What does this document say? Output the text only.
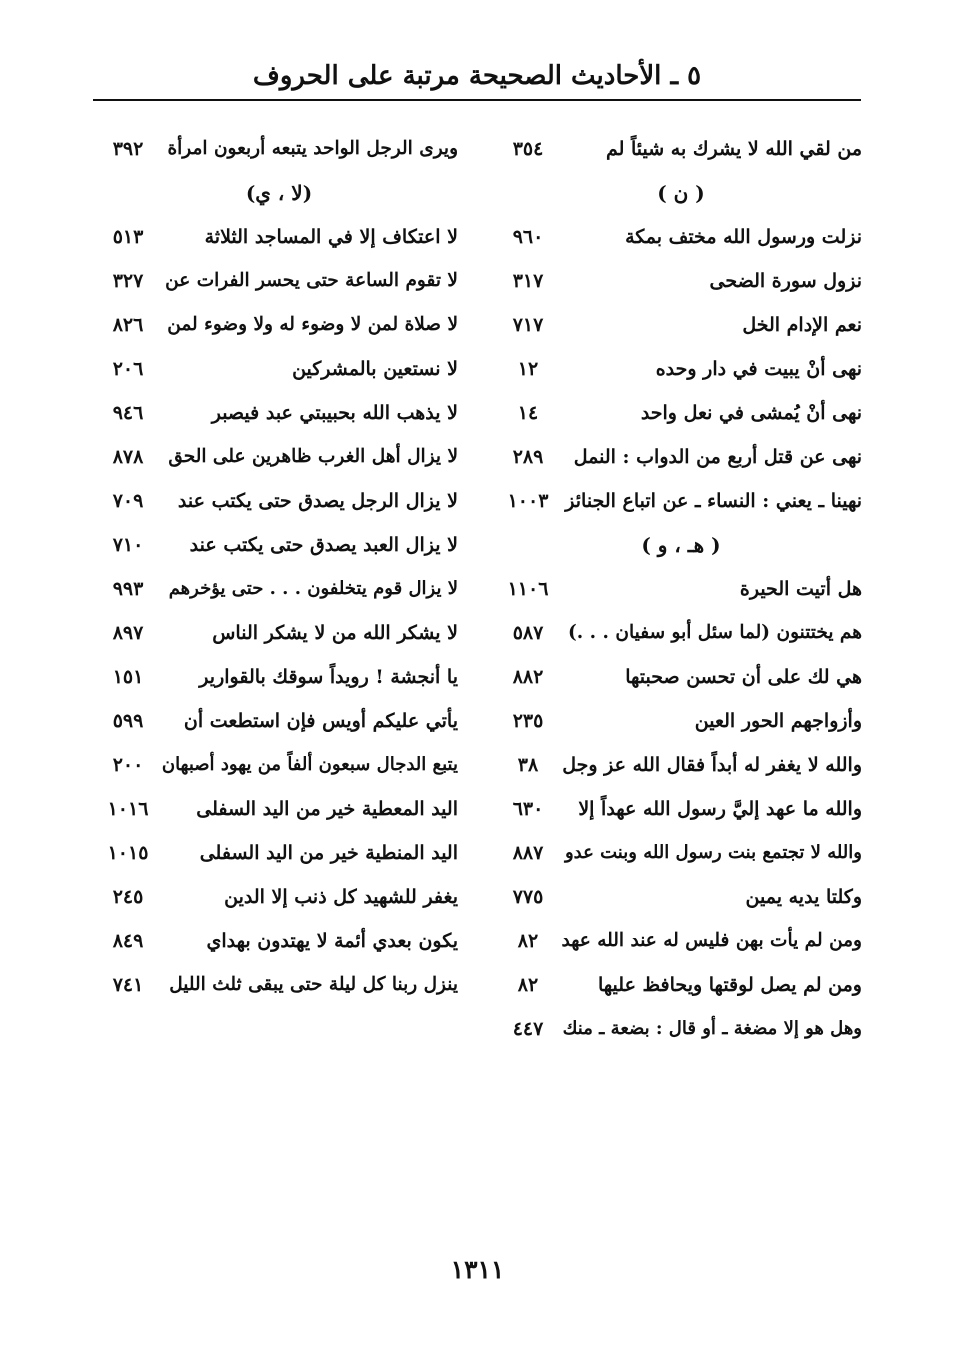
٥ ـ الأحاديث الصحيحة مرتبة على الحروف
من لقي الله لا يشرك به شيئاً لم
٣٥٤
( ن )
نزلت ورسول الله مختف بمكة
٩٦٠
نزول سورة الضحى
٣١٧
نعم الإدام الخل
٧١٧
نهى أنْ يبيت في دار وحده
١٢
نهى أنْ يُمشى في نعل واحد
١٤
نهى عن قتل أربع من الدواب : النمل
٢٨٩
نهينا ـ يعني : النساء ـ عن اتباع الجنائز
١٠٠٣
( هـ ، و )
هل أتيت الحيرة
١١٠٦
هم يختتنون (لما سئل أبو سفيان . . .)
٥٨٧
هي لك على أن تحسن صحبتها
٨٨٢
وأزواجهم الحور العين
٢٣٥
والله لا يغفر له أبداً فقال الله عز وجل
٣٨
والله ما عهد إليَّ رسول الله عهداً إلا
٦٣٠
والله لا تجتمع بنت رسول الله وبنت عدو
٨٨٧
وكلتا يديه يمين
٧٧٥
ومن لم يأت بهن فليس له عند الله عهد
٨٢
ومن لم يصل لوقتها ويحافظ عليها
٨٢
وهل هو إلا مضغة ـ أو قال : بضعة ـ منك
٤٤٧
ويرى الرجل الواحد يتبعه أربعون امرأة
٣٩٢
(لا ، ي)
لا اعتكاف إلا في المساجد الثلاثة
٥١٣
لا تقوم الساعة حتى يحسر الفرات عن
٣٢٧
لا صلاة لمن لا وضوء له ولا وضوء لمن
٨٢٦
لا نستعين بالمشركين
٢٠٦
لا يذهب الله بحبيبتي عبد فيصبر
٩٤٦
لا يزال أهل الغرب ظاهرين على الحق
٨٧٨
لا يزال الرجل يصدق حتى يكتب عند
٧٠٩
لا يزال العبد يصدق حتى يكتب عند
٧١٠
لا يزال قوم يتخلفون . . . حتى يؤخرهم
٩٩٣
لا يشكر الله من لا يشكر الناس
٨٩٧
يا أنجشة ! رويداً سوقك بالقوارير
١٥١
يأتي عليكم أويس فإن استطعت أن
٥٩٩
يتبع الدجال سبعون ألفاً من يهود أصبهان
٢٠٠
اليد المعطية خير من اليد السفلى
١٠١٦
اليد المنطية خير من اليد السفلى
١٠١٥
يغفر للشهيد كل ذنب إلا الدين
٢٤٥
يكون بعدي أئمة لا يهتدون بهداي
٨٤٩
ينزل ربنا كل ليلة حتى يبقى ثلث الليل
٧٤١
١٣١١
